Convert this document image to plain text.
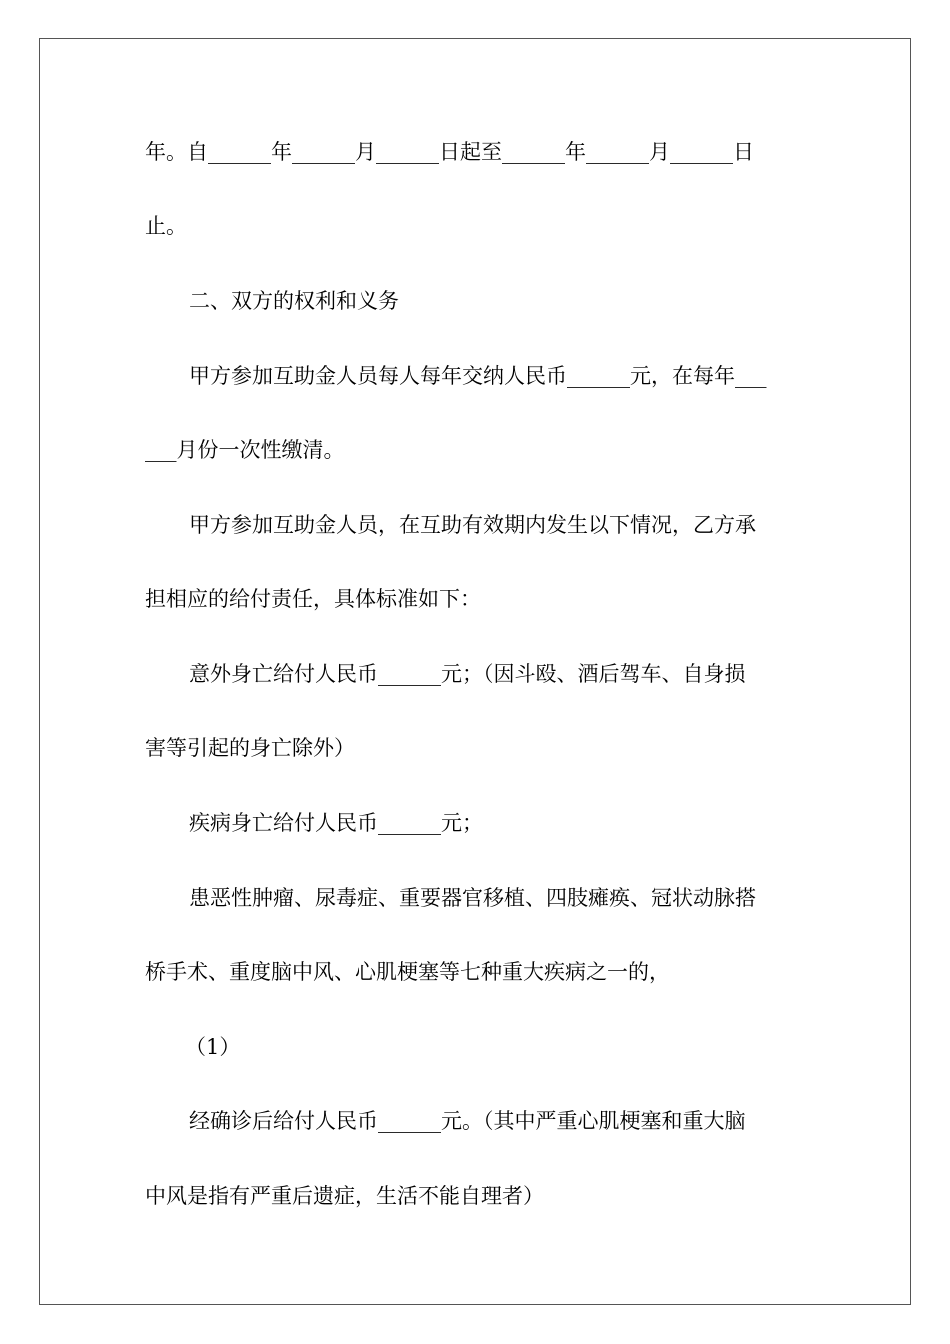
年。自______年______月______日起至______年______月______日
止。
二、双方的权利和义务
甲方参加互助金人员每人每年交纳人民币______元，在每年___
___月份一次性缴清。
甲方参加互助金人员，在互助有效期内发生以下情况，乙方承
担相应的给付责任，具体标准如下：
意外身亡给付人民币______元；（因斗殴、酒后驾车、自身损
害等引起的身亡除外）
疾病身亡给付人民币______元；
患恶性肿瘤、尿毒症、重要器官移植、四肢瘫痪、冠状动脉搭
桥手术、重度脑中风、心肌梗塞等七种重大疾病之一的，
（1）
经确诊后给付人民币______元。（其中严重心肌梗塞和重大脑
中风是指有严重后遗症，生活不能自理者）
